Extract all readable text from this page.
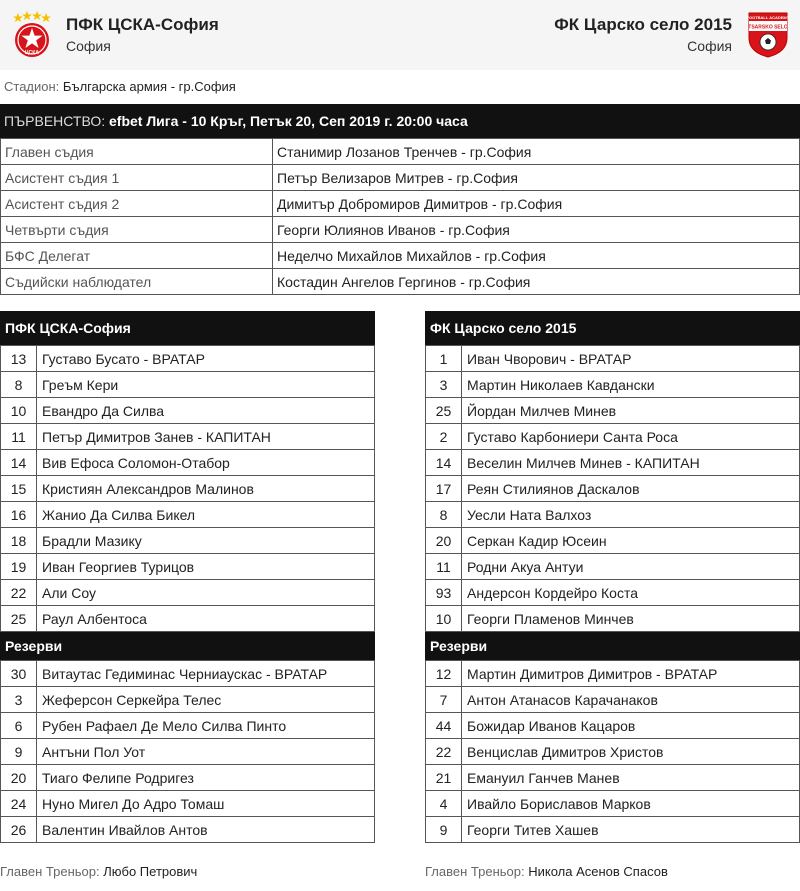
ЦСКА
ПФК ЦСКА-София
София
ФК Царско село 2015
София
FOOTBALL ACADEMY
TSARSKO SELO
Стадион: Българска армия - гр.София
ПЪРВЕНСТВО: efbet Лига - 10 Кръг, Петък 20, Сеп 2019 г. 20:00 часа
Главен съдия	Станимир Лозанов Тренчев - гр.София
Асистент съдия 1	Петър Велизаров Митрев - гр.София
Асистент съдия 2	Димитър Добромиров Димитров - гр.София
Четвърти съдия	Георги Юлиянов Иванов - гр.София
БФС Делегат	Неделчо Михайлов Михайлов - гр.София
Съдийски наблюдател	Костадин Ангелов Гергинов - гр.София
ПФК ЦСКА-София
13	Густаво Бусато - ВРАТАР
8	Греъм Кери
10	Евандро Да Силва
11	Петър Димитров Занев - КАПИТАН
14	Вив Ефоса Соломон-Отабор
15	Кристиян Александров Малинов
16	Жанио Да Силва Бикел
18	Брадли Мазику
19	Иван Георгиев Турицов
22	Али Соу
25	Раул Албентоса
Резерви
30	Витаутас Гедиминас Черниаускас - ВРАТАР
3	Жеферсон Серкейра Телес
6	Рубен Рафаел Де Мело Силва Пинто
9	Антъни Пол Уот
20	Тиаго Фелипе Родригез
24	Нуно Мигел До Адро Томаш
26	Валентин Ивайлов Антов
ФК Царско село 2015
1	Иван Чворович - ВРАТАР
3	Мартин Николаев Кавдански
25	Йордан Милчев Минев
2	Густаво Карбониери Санта Роса
14	Веселин Милчев Минев - КАПИТАН
17	Реян Стилиянов Даскалов
8	Уесли Ната Валхоз
20	Серкан Кадир Юсеин
11	Родни Акуа Антуи
93	Андерсон Кордейро Коста
10	Георги Пламенов Минчев
Резерви
12	Мартин Димитров Димитров - ВРАТАР
7	Антон Атанасов Карачанаков
44	Божидар Иванов Кацаров
22	Венцислав Димитров Христов
21	Емануил Ганчев Манев
4	Ивайло Бориславов Марков
9	Георги Титев Хашев
Главен Треньор: Любо Петрович	Главен Треньор: Никола Асенов Спасов
